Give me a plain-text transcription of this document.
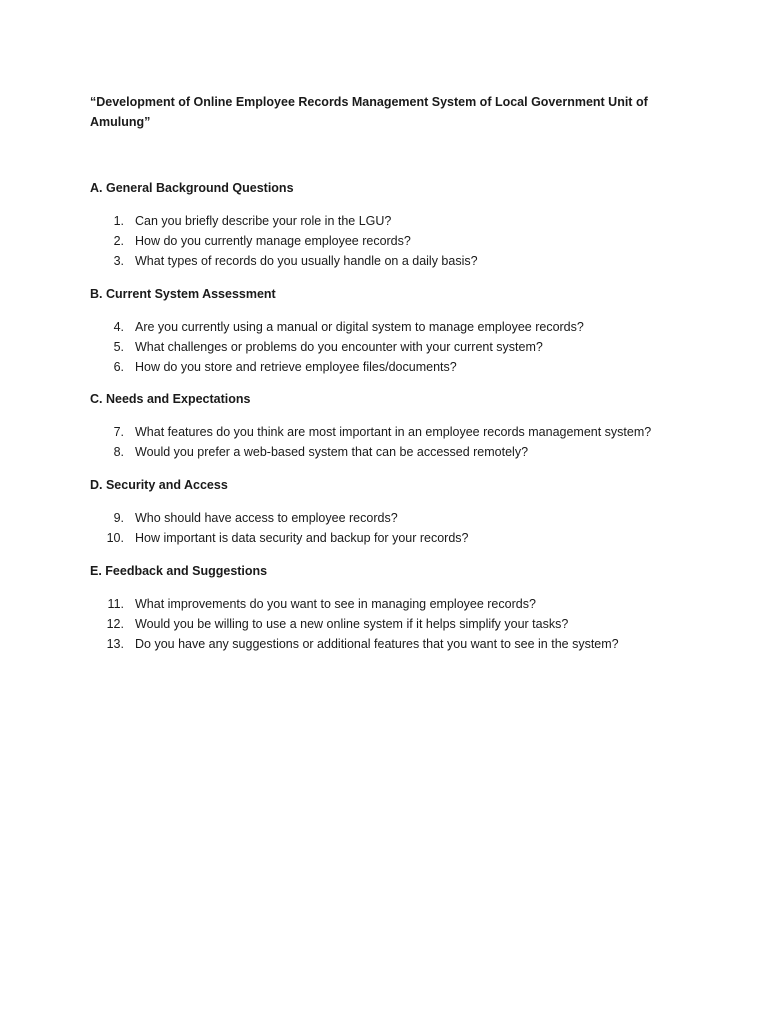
“Development of Online Employee Records Management System of Local Government Unit of Amulung”
A. General Background Questions
1. Can you briefly describe your role in the LGU?
2. How do you currently manage employee records?
3. What types of records do you usually handle on a daily basis?
B. Current System Assessment
4. Are you currently using a manual or digital system to manage employee records?
5. What challenges or problems do you encounter with your current system?
6. How do you store and retrieve employee files/documents?
C. Needs and Expectations
7. What features do you think are most important in an employee records management system?
8. Would you prefer a web-based system that can be accessed remotely?
D. Security and Access
9. Who should have access to employee records?
10. How important is data security and backup for your records?
E. Feedback and Suggestions
11. What improvements do you want to see in managing employee records?
12. Would you be willing to use a new online system if it helps simplify your tasks?
13. Do you have any suggestions or additional features that you want to see in the system?
